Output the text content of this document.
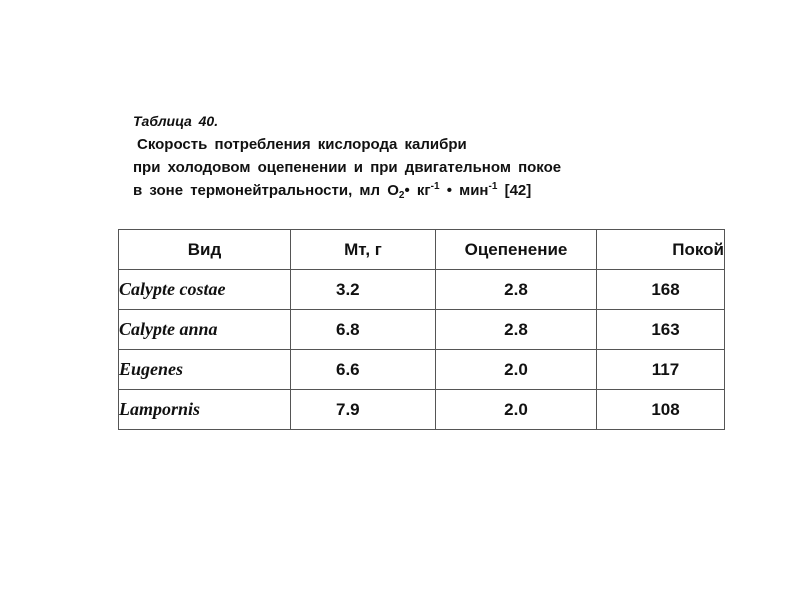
Таблица 40.
Скорость потребления кислорода калибри
при холодовом оцепенении и при двигательном покое
в зоне термонейтральности, мл $О_2•$ $кг^{-1}$ • мин$^{-1}$ [42]
Вид	Мт, г	Оцепенение	Покой
Calypte costae	3.2	2.8	168
Calypte anna	6.8	2.8	163
Eugenes	6.6	2.0	117
Lampornis	7.9	2.0	108
